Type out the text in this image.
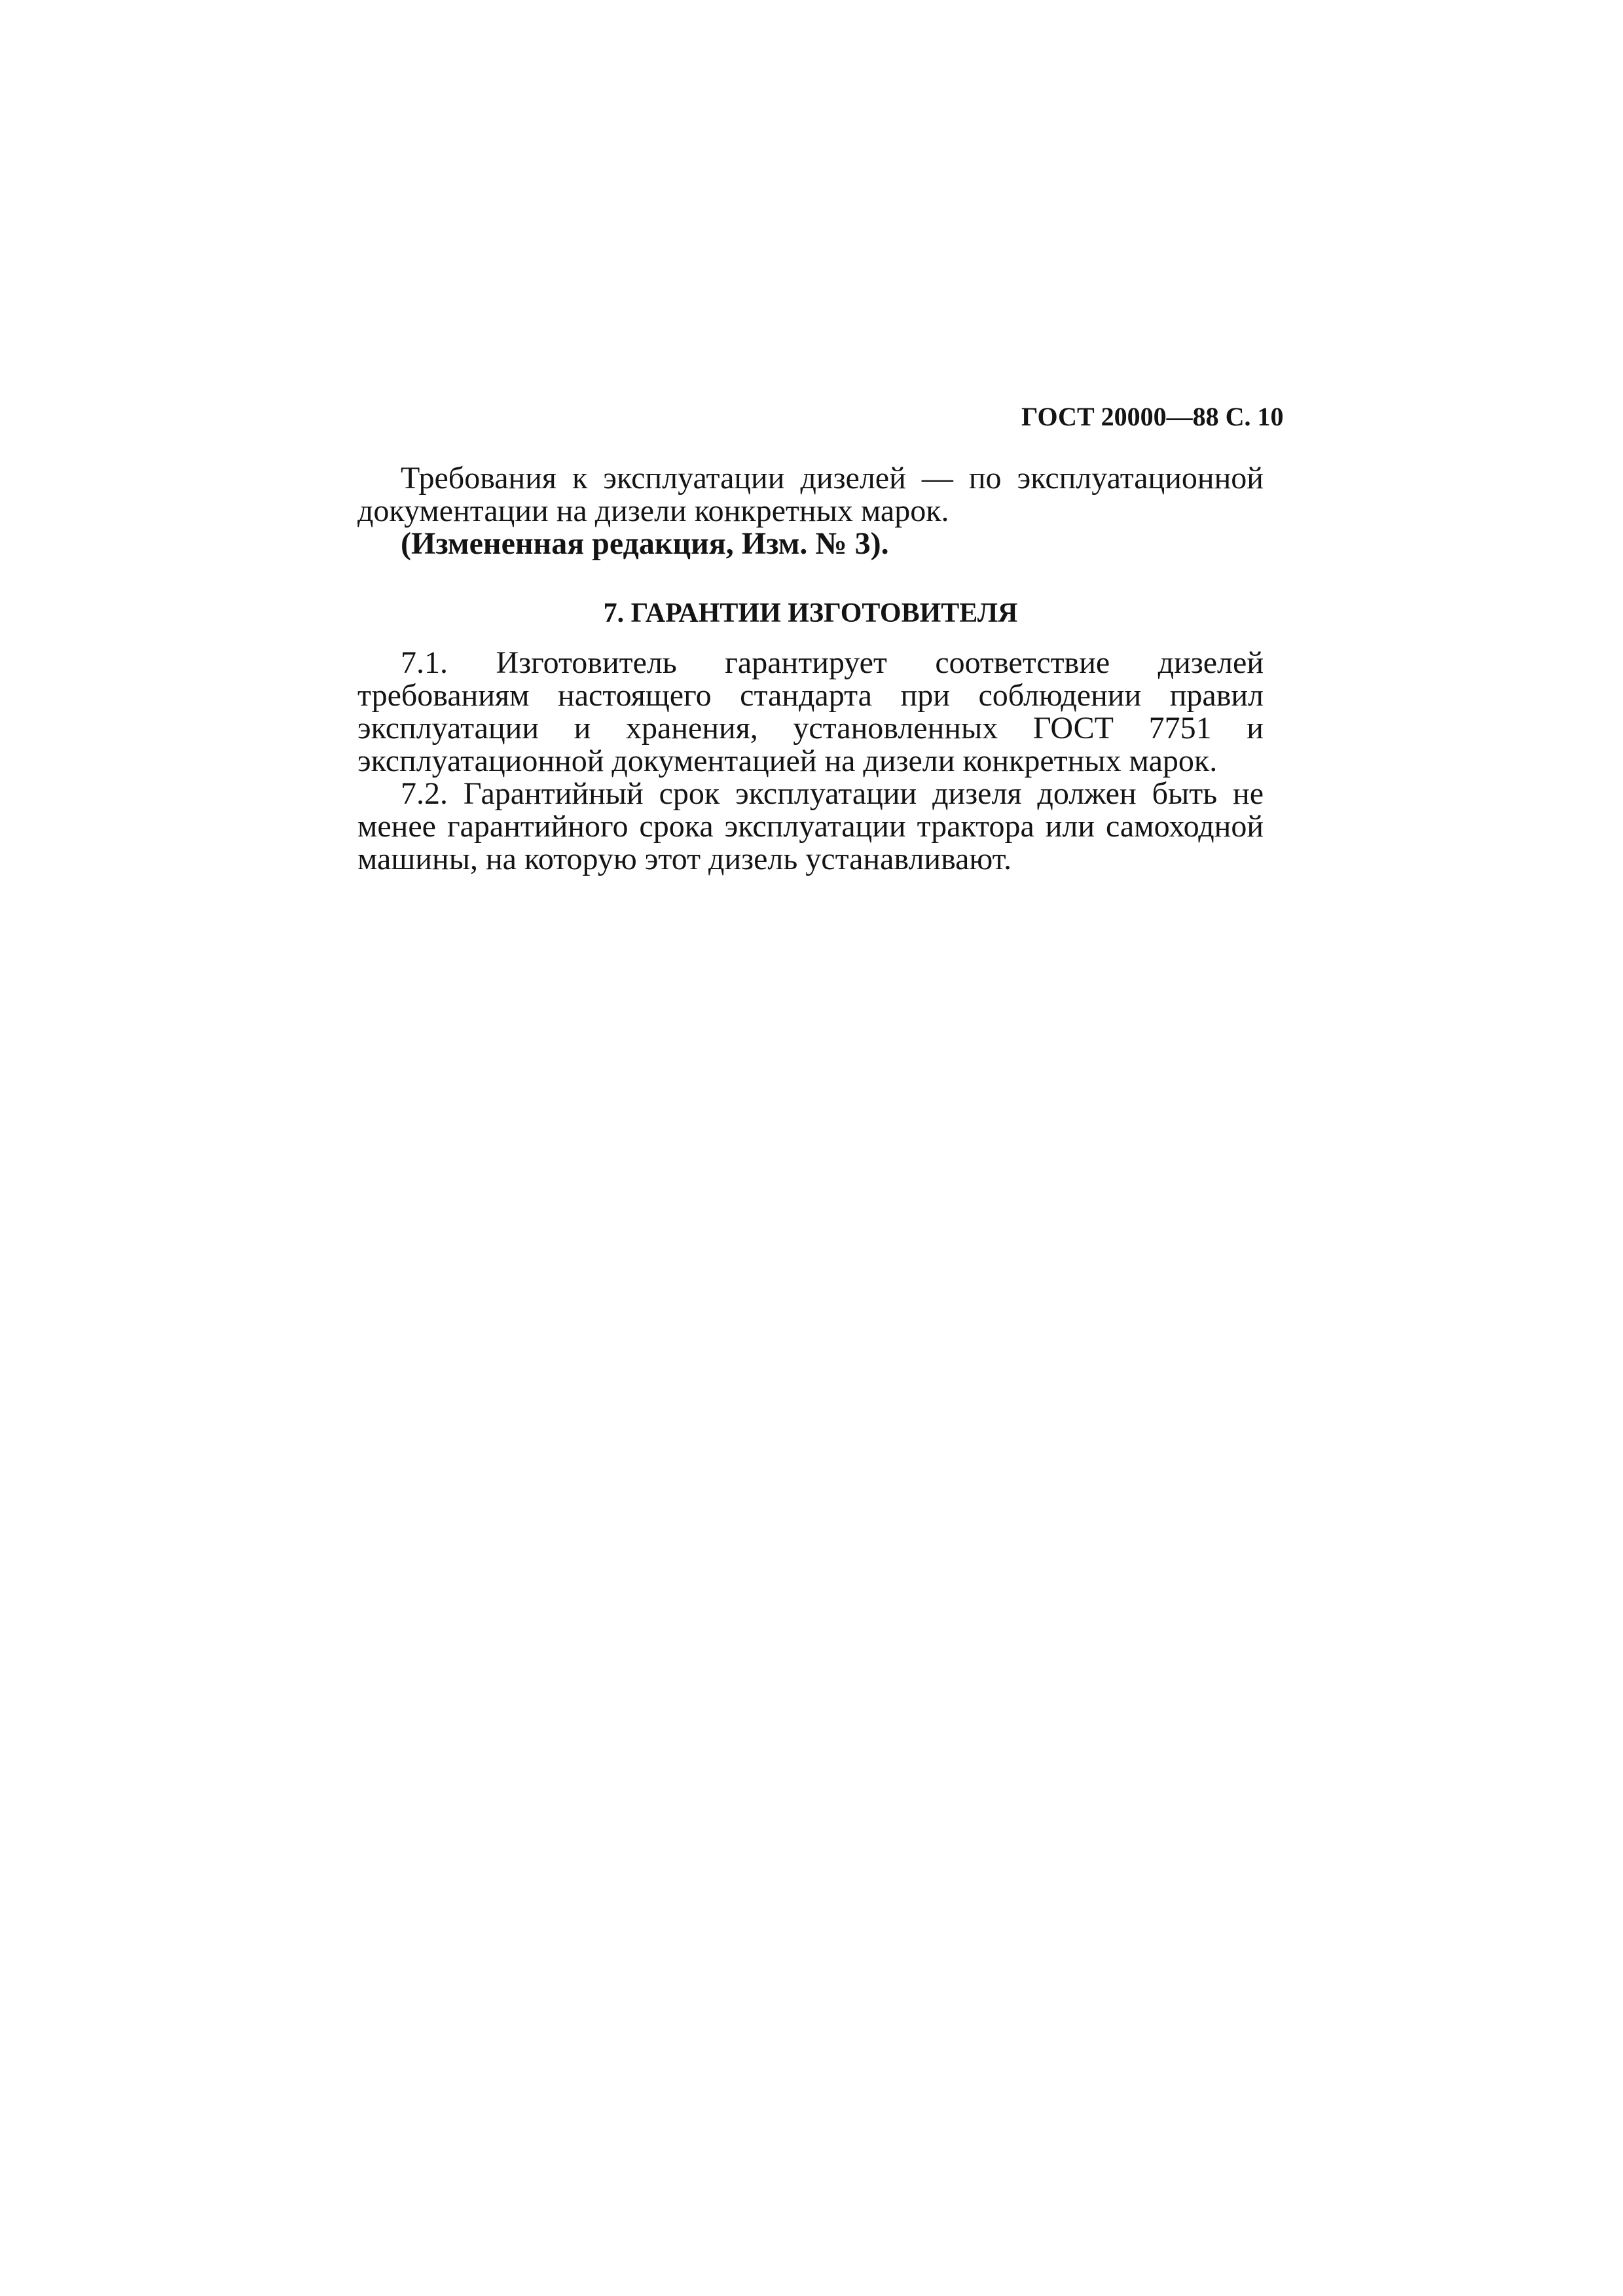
ГОСТ 20000—88 С. 10

Требования к эксплуатации дизелей — по эксплуатационной документации на дизели конкретных марок.

(Измененная редакция, Изм. № 3).

7. ГАРАНТИИ ИЗГОТОВИТЕЛЯ

7.1. Изготовитель гарантирует соответствие дизелей требованиям настоящего стандарта при соблюдении правил эксплуатации и хранения, установленных ГОСТ 7751 и эксплуатационной документацией на дизели конкретных марок.

7.2. Гарантийный срок эксплуатации дизеля должен быть не менее гарантийного срока эксплуатации трактора или самоходной машины, на которую этот дизель устанавливают.
